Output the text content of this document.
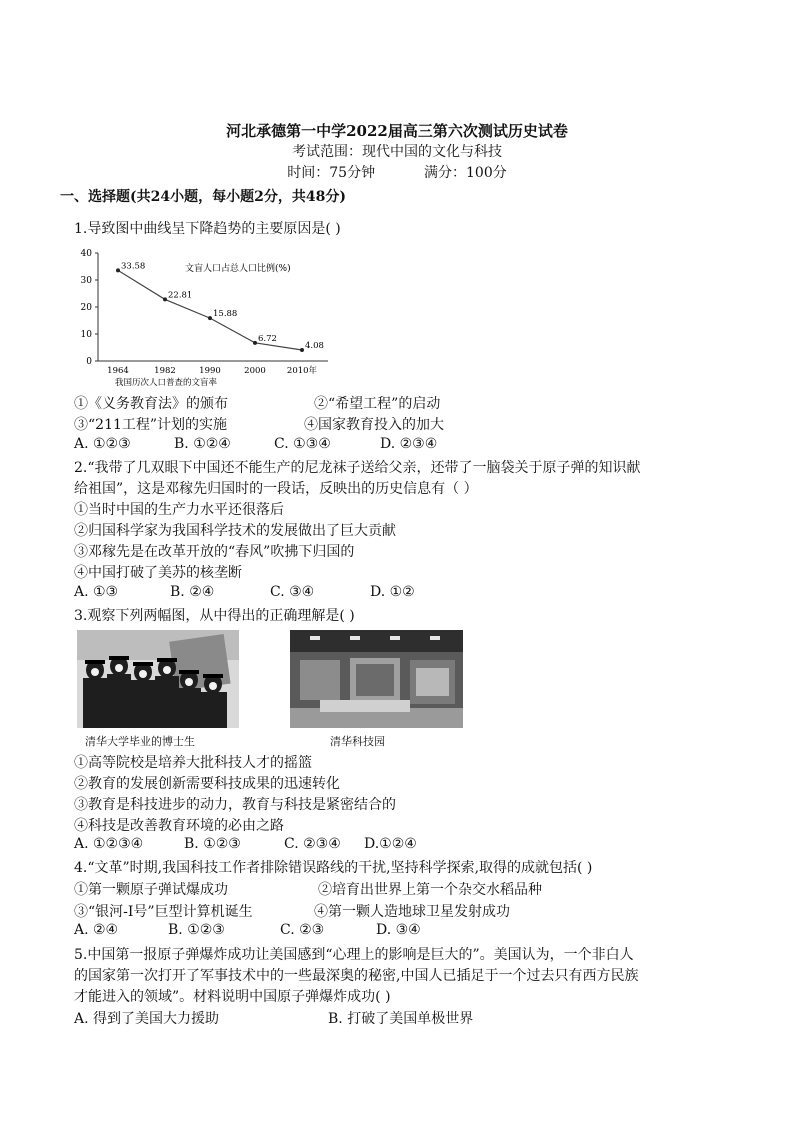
河北承德第一中学2022届高三第六次测试历史试卷
考试范围：现代中国的文化与科技
时间：75分钟	满分：100分
一、选择题(共24小题，每小题2分，共48分)
1.导致图中曲线呈下降趋势的主要原因是( )
文盲人口占总人口比例(%)
0
10
20
30
40
1964	1982	1990	2000 2010年
33.58
22.81
15.88
6.72
4.08
我国历次人口普查的文盲率
①《义务教育法》的颁布	②“希望工程”的启动
③“211工程”计划的实施	④国家教育投入的加大
A. ①②③	B. ①②④	C. ①③④	D. ②③④
2.“我带了几双眼下中国还不能生产的尼龙袜子送给父亲，还带了一脑袋关于原子弹的知识献
给祖国”，这是邓稼先归国时的一段话，反映出的历史信息有（ ）
①当时中国的生产力水平还很落后
②归国科学家为我国科学技术的发展做出了巨大贡献
③邓稼先是在改革开放的“春风”吹拂下归国的
④中国打破了美苏的核垄断
A. ①③	B. ②④	C. ③④	D. ①②
3.观察下列两幅图，从中得出的正确理解是( )
清华大学毕业的博士生	清华科技园
①高等院校是培养大批科技人才的摇篮
②教育的发展创新需要科技成果的迅速转化
③教育是科技进步的动力，教育与科技是紧密结合的
④科技是改善教育环境的必由之路
A. ①②③④	B. ①②③	C. ②③④ D.①②④
4.“文革”时期,我国科技工作者排除错误路线的干扰,坚持科学探索,取得的成就包括( )
①第一颗原子弹试爆成功	②培育出世界上第一个杂交水稻品种
③“银河-I号”巨型计算机诞生	④第一颗人造地球卫星发射成功
A. ②④	B. ①②③	C. ②③	D. ③④
5.中国第一报原子弹爆炸成功让美国感到“心理上的影响是巨大的”。美国认为，一个非白人
的国家第一次打开了军事技术中的一些最深奥的秘密,中国人已插足于一个过去只有西方民族
才能进入的领域”。材料说明中国原子弹爆炸成功( )
A. 得到了美国大力援助	B. 打破了美国单极世界
